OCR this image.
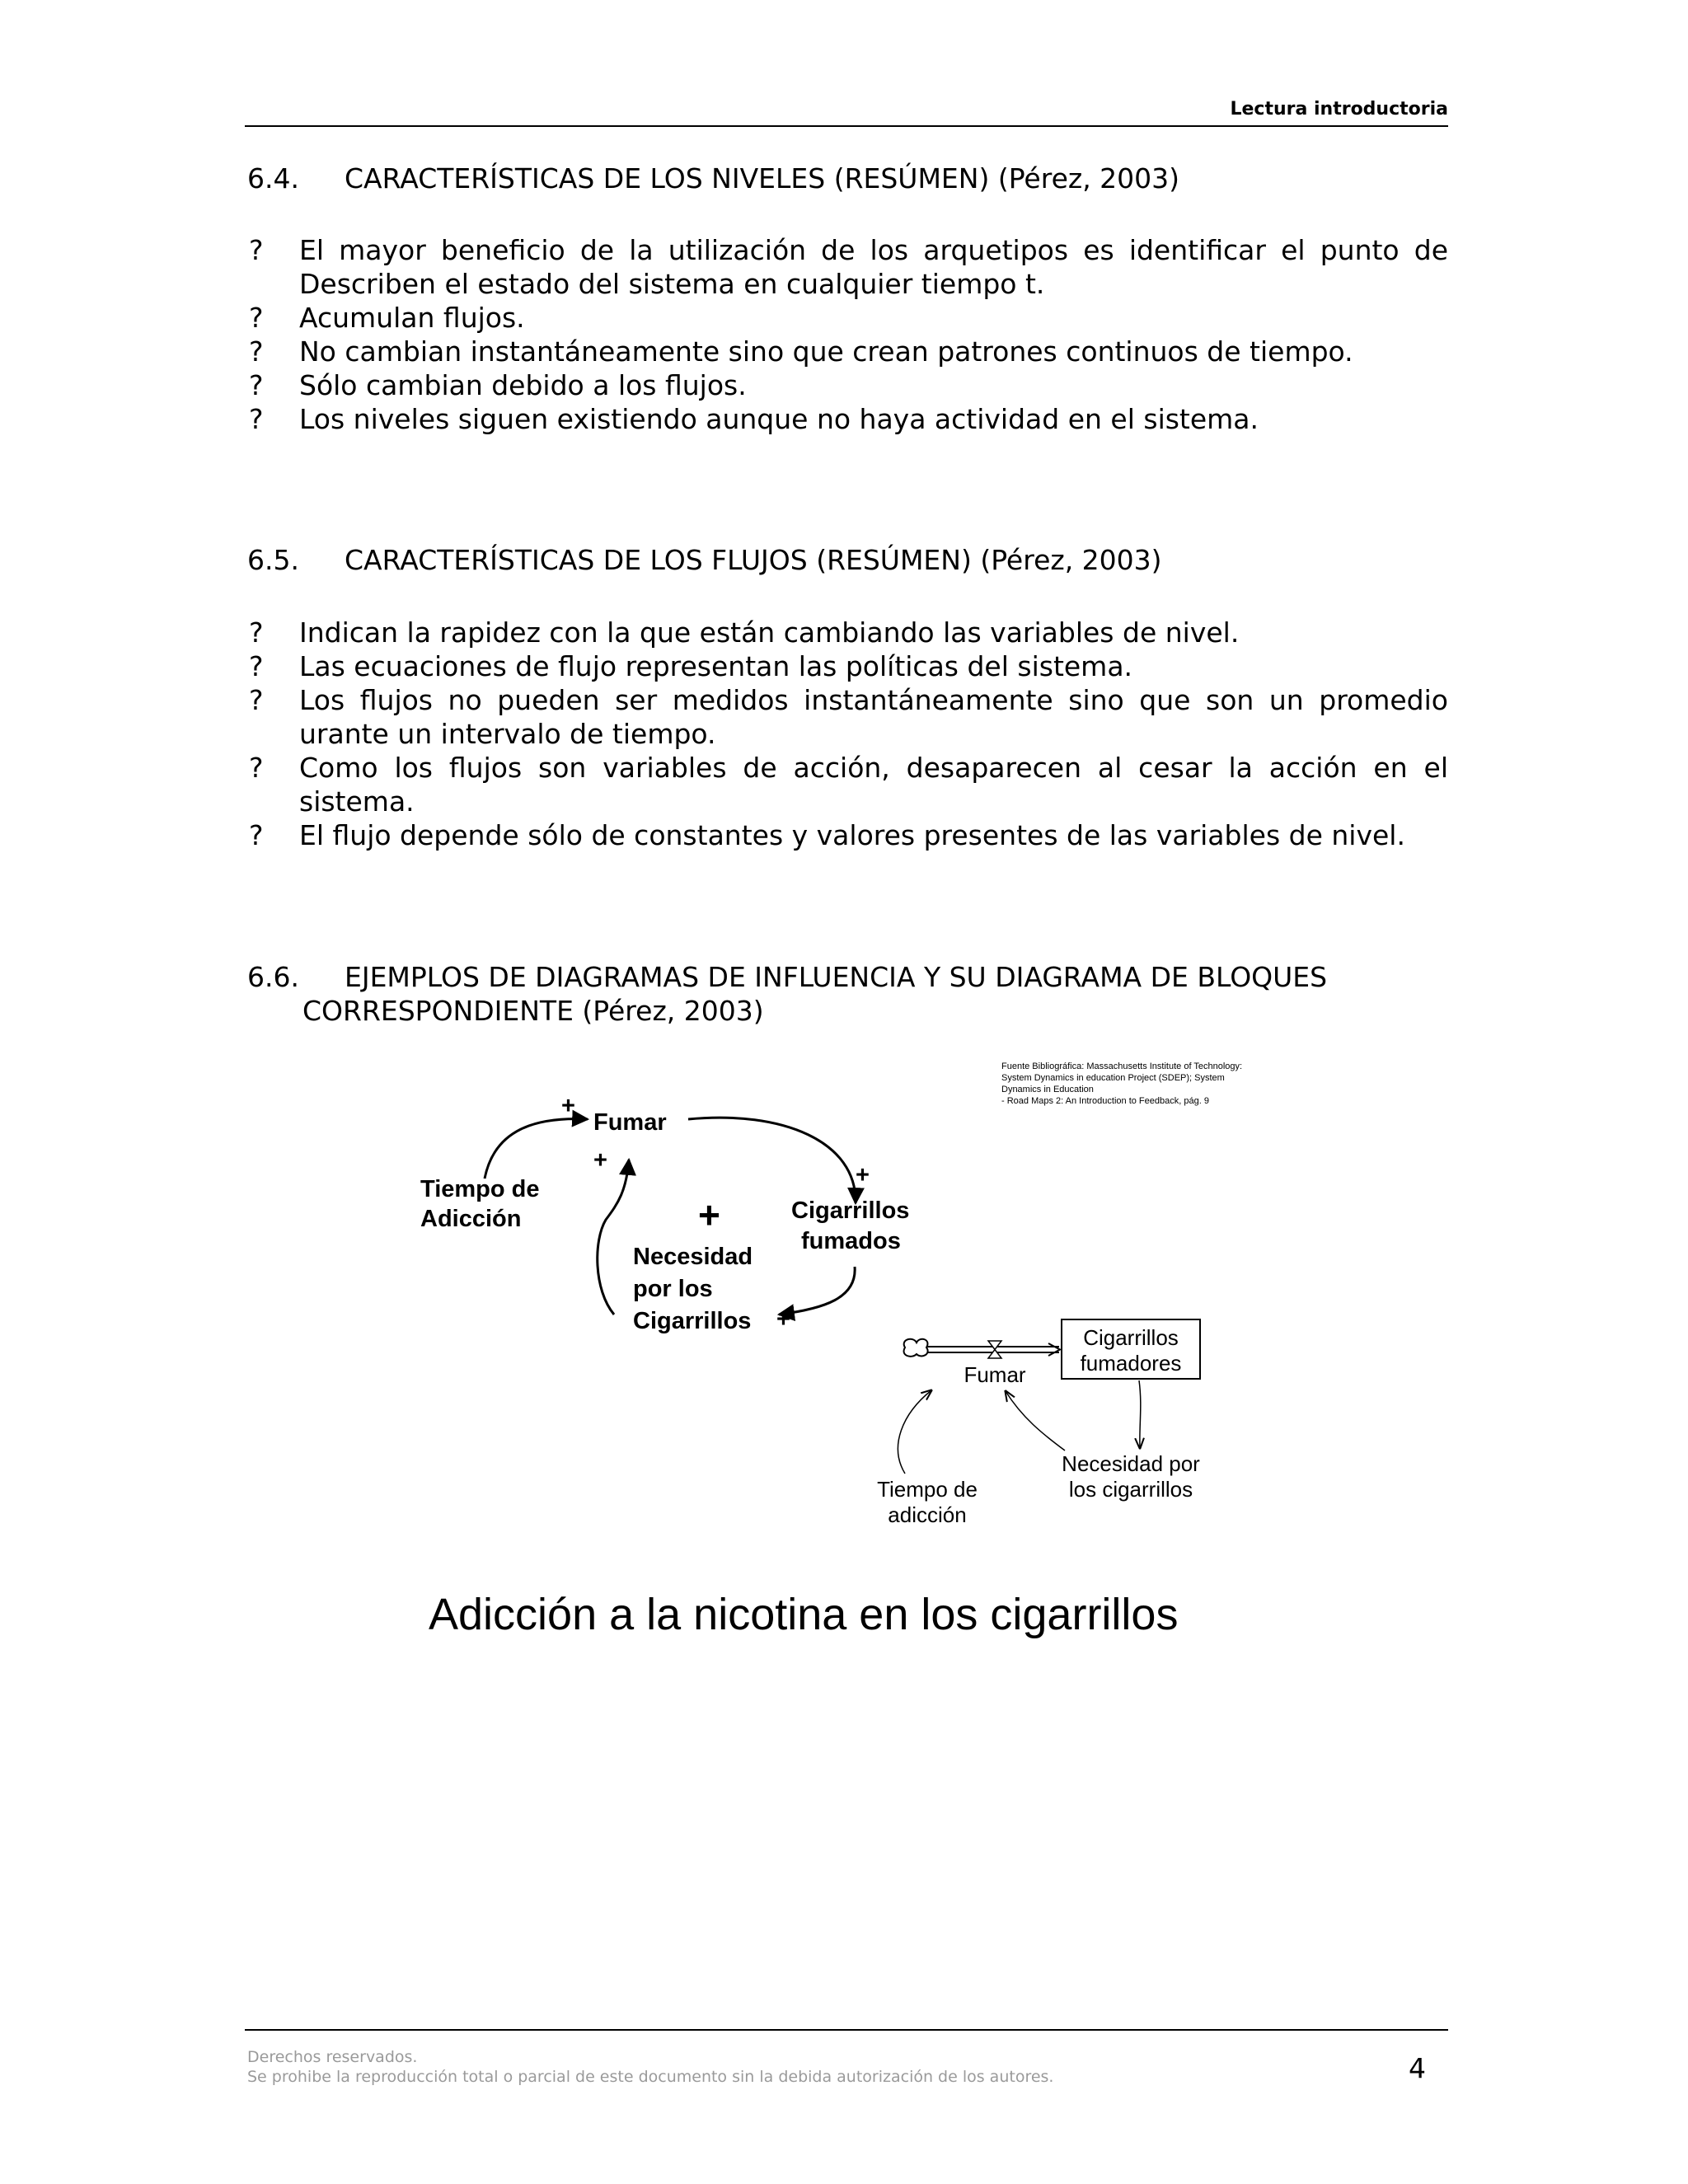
Lectura introductoria
6.4. CARACTERÍSTICAS DE LOS NIVELES (RESÚMEN) (Pérez, 2003)
? El mayor beneficio de la utilización de los arquetipos es identificar el punto de Describen el estado del sistema en cualquier tiempo t.
? Acumulan flujos.
? No cambian instantáneamente sino que crean patrones continuos de tiempo.
? Sólo cambian debido a los flujos.
? Los niveles siguen existiendo aunque no haya actividad en el sistema.
6.5. CARACTERÍSTICAS DE LOS FLUJOS (RESÚMEN) (Pérez, 2003)
? Indican la rapidez con la que están cambiando las variables de nivel.
? Las ecuaciones de flujo representan las políticas del sistema.
? Los flujos no pueden ser medidos instantáneamente sino que son un promedio urante un intervalo de tiempo.
? Como los flujos son variables de acción, desaparecen al cesar la acción en el sistema.
? El flujo depende sólo de constantes y valores presentes de las variables de nivel.
6.6. EJEMPLOS DE DIAGRAMAS DE INFLUENCIA Y SU DIAGRAMA DE BLOQUES
CORRESPONDIENTE (Pérez, 2003)
Fuente Bibliográfica: Massachusetts Institute of Technology:
System Dynamics in education Project (SDEP); System
Dynamics in Education
- Road Maps 2: An Introduction to Feedback, pág. 9
Fumar
Tiempo de
Adicción	Cigarrillos
fumados
Necesidad
por los
Cigarrillos
+
+
+
+
+
Cigarrillos
fumadores
Fumar
Tiempo de
adicción
Necesidad por
los cigarrillos
Adicción a la nicotina en los cigarrillos
Derechos reservados.
Se prohibe la reproducción total o parcial de este documento sin la debida autorización de los autores.	4
